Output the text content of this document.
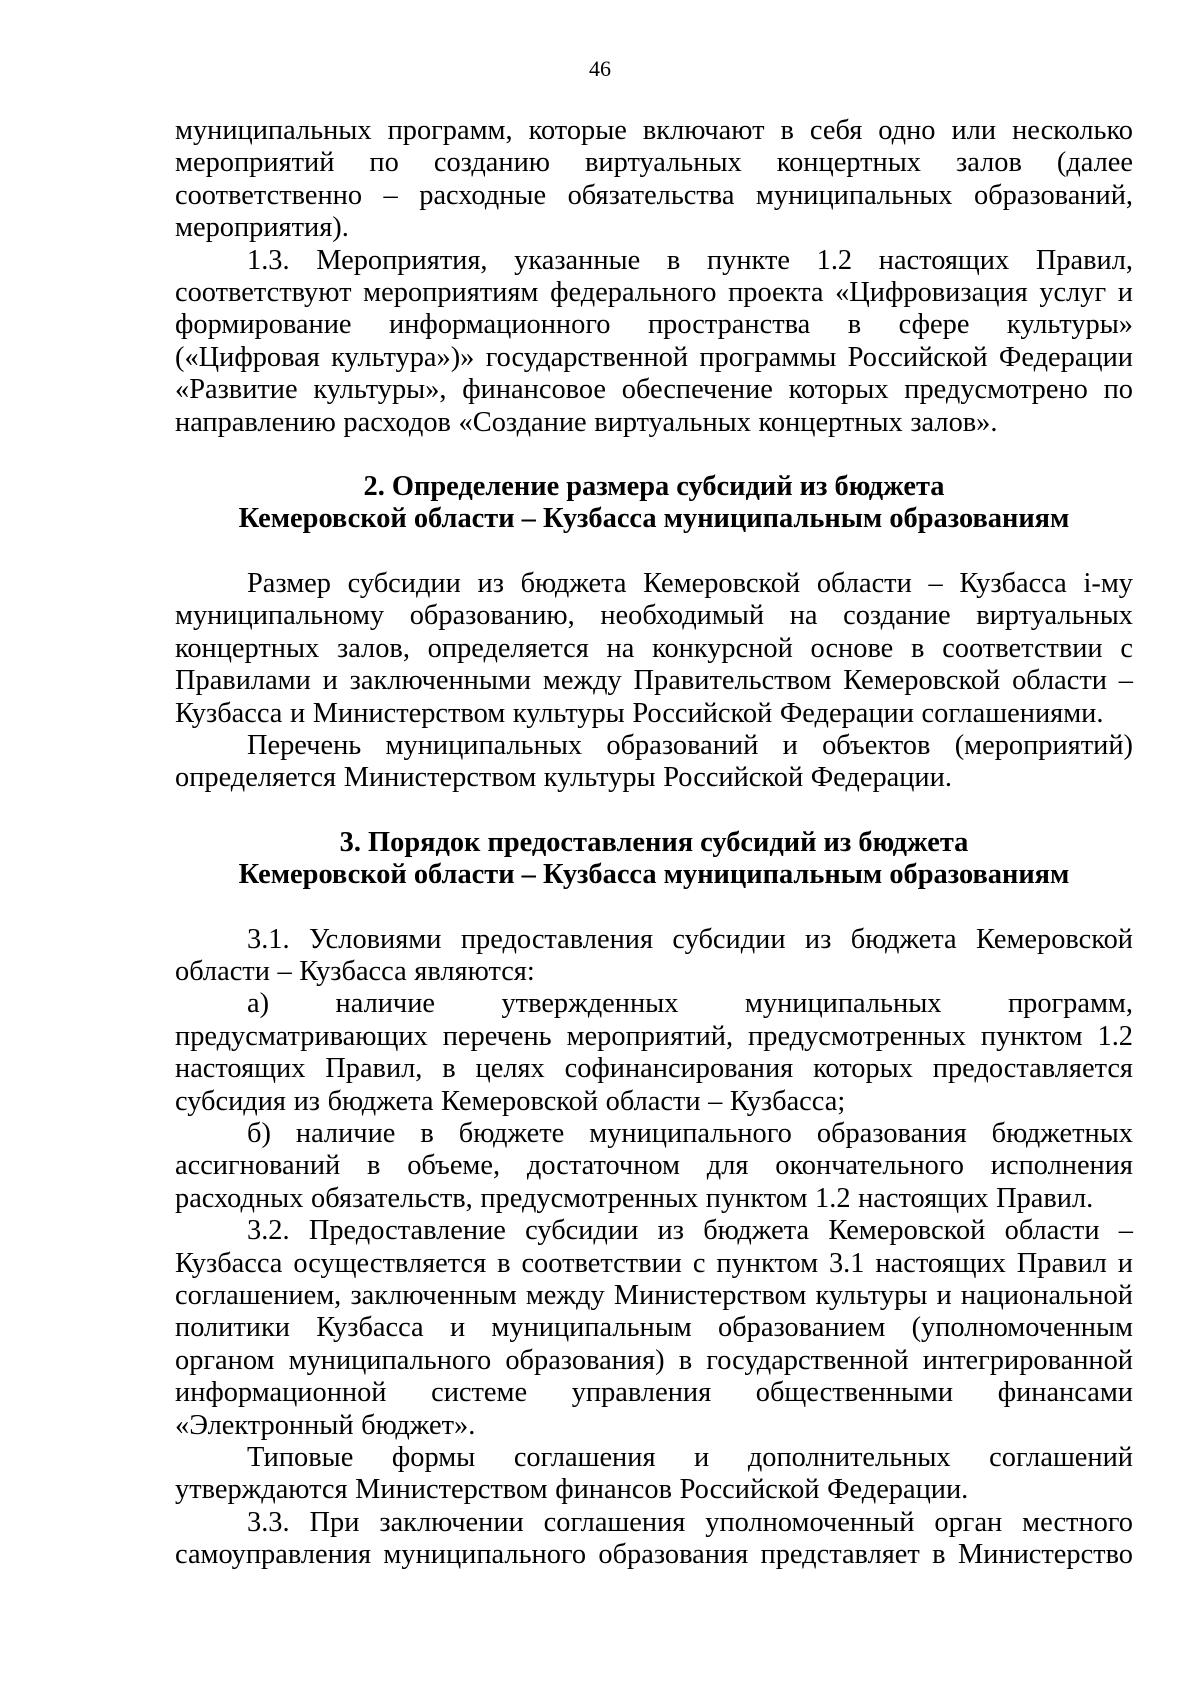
46

муниципальных программ, которые включают в себя одно или несколько мероприятий по созданию виртуальных концертных залов (далее соответственно – расходные обязательства муниципальных образований, мероприятия).

1.3. Мероприятия, указанные в пункте 1.2 настоящих Правил, соответствуют мероприятиям федерального проекта «Цифровизация услуг и формирование информационного пространства в сфере культуры» («Цифровая культура»)» государственной программы Российской Федерации «Развитие культуры», финансовое обеспечение которых предусмотрено по направлению расходов «Создание виртуальных концертных залов».

2. Определение размера субсидий из бюджета

Кемеровской области – Кузбасса муниципальным образованиям

Размер субсидии из бюджета Кемеровской области – Кузбасса i-му муниципальному образованию, необходимый на создание виртуальных концертных залов, определяется на конкурсной основе в соответствии с Правилами и заключенными между Правительством Кемеровской области – Кузбасса и Министерством культуры Российской Федерации соглашениями.

Перечень муниципальных образований и объектов (мероприятий) определяется Министерством культуры Российской Федерации.

3. Порядок предоставления субсидий из бюджета

Кемеровской области – Кузбасса муниципальным образованиям

3.1. Условиями предоставления субсидии из бюджета Кемеровской области – Кузбасса являются:

а) наличие утвержденных муниципальных программ, предусматривающих перечень мероприятий, предусмотренных пунктом 1.2 настоящих Правил, в целях софинансирования которых предоставляется субсидия из бюджета Кемеровской области – Кузбасса;

б) наличие в бюджете муниципального образования бюджетных ассигнований в объеме, достаточном для окончательного исполнения расходных обязательств, предусмотренных пунктом 1.2 настоящих Правил.

3.2. Предоставление субсидии из бюджета Кемеровской области – Кузбасса осуществляется в соответствии с пунктом 3.1 настоящих Правил и соглашением, заключенным между Министерством культуры и национальной политики Кузбасса и муниципальным образованием (уполномоченным органом муниципального образования) в государственной интегрированной информационной системе управления общественными финансами «Электронный бюджет».

Типовые формы соглашения и дополнительных соглашений утверждаются Министерством финансов Российской Федерации.

3.3. При заключении соглашения уполномоченный орган местного самоуправления муниципального образования представляет в Министерство
